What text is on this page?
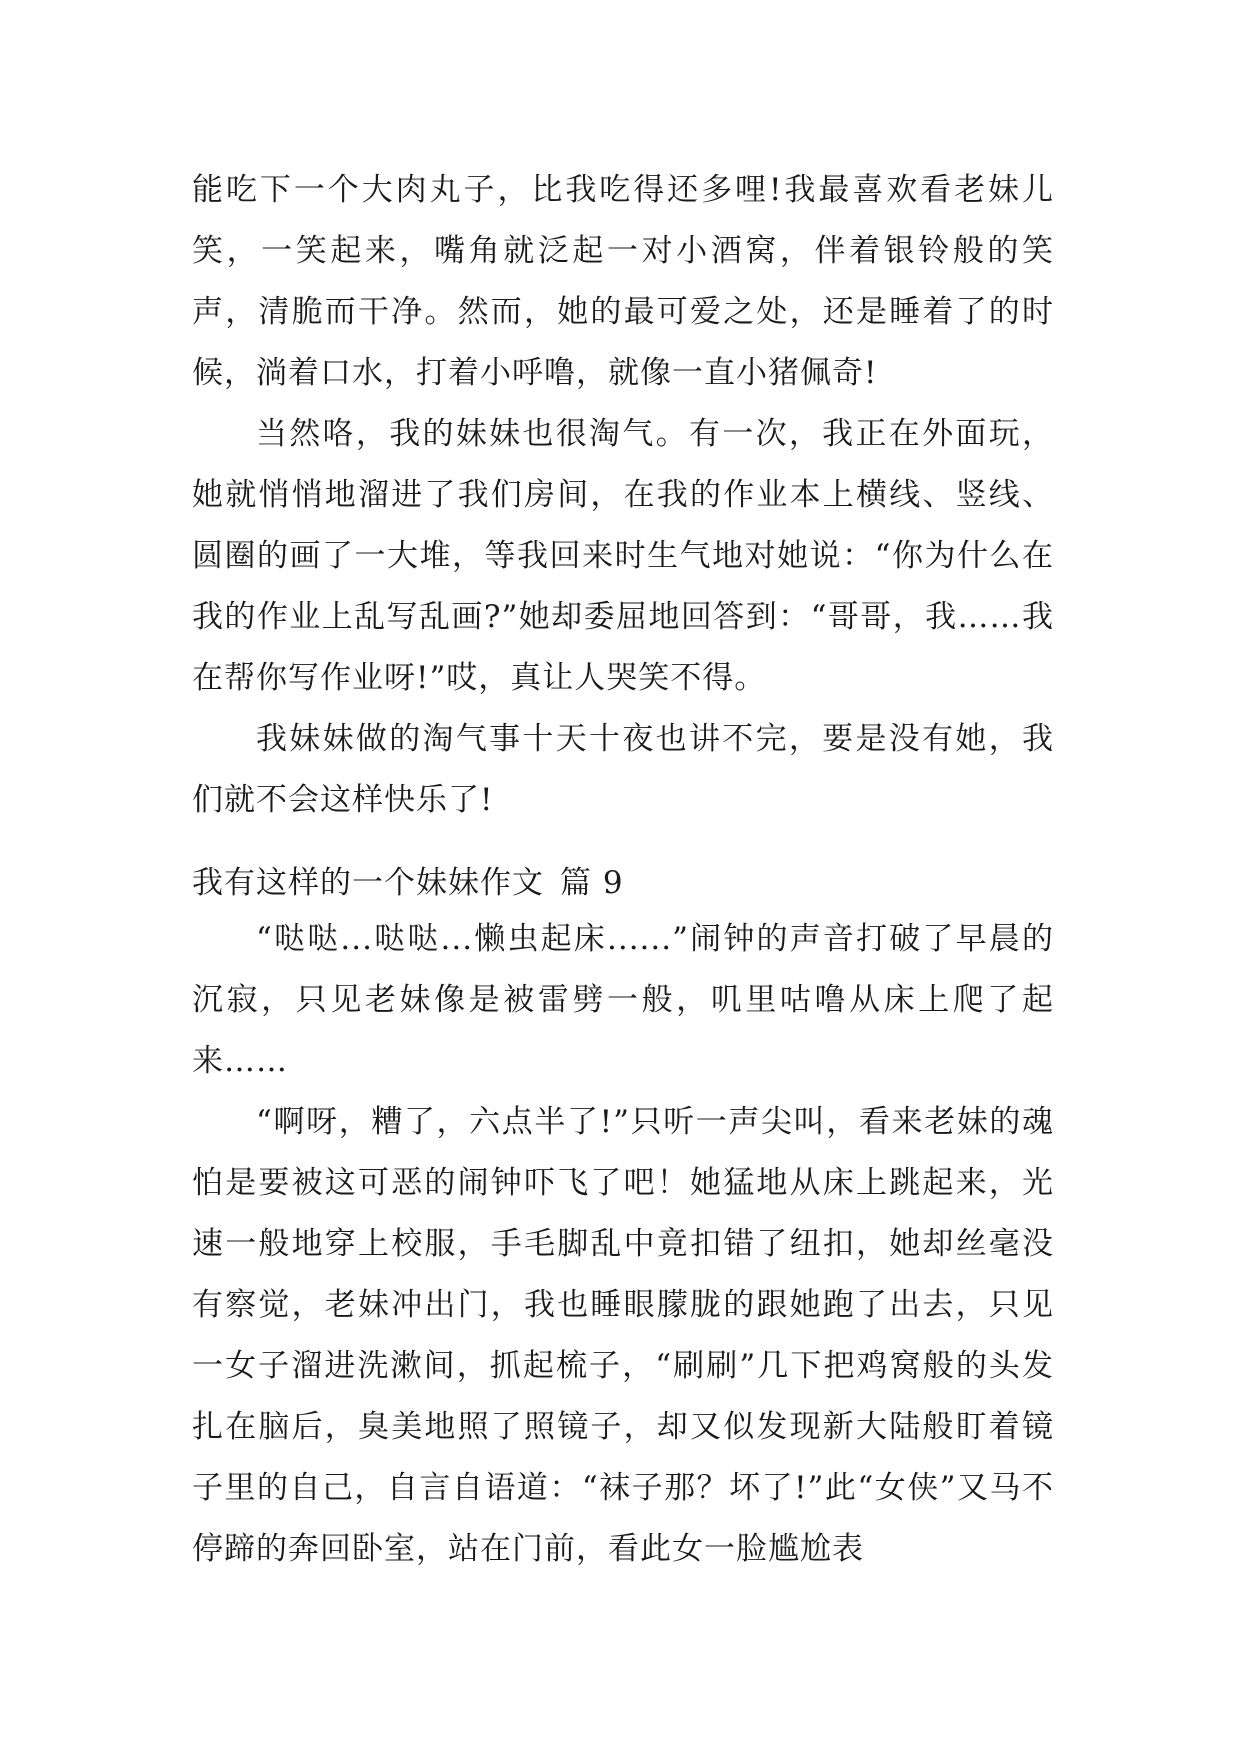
能吃下一个大肉丸子，比我吃得还多哩!我最喜欢看老妹儿笑，一笑起来，嘴角就泛起一对小酒窝，伴着银铃般的笑声，清脆而干净。然而，她的最可爱之处，还是睡着了的时候，淌着口水，打着小呼噜，就像一直小猪佩奇!

当然咯，我的妹妹也很淘气。有一次，我正在外面玩，她就悄悄地溜进了我们房间，在我的作业本上横线、竖线、圆圈的画了一大堆，等我回来时生气地对她说：“你为什么在我的作业上乱写乱画?”她却委屈地回答到：“哥哥，我……我在帮你写作业呀!”哎，真让人哭笑不得。

我妹妹做的淘气事十天十夜也讲不完，要是没有她，我们就不会这样快乐了!

我有这样的一个妹妹作文 篇 9

“哒哒...哒哒...懒虫起床......”闹钟的声音打破了早晨的沉寂，只见老妹像是被雷劈一般，叽里咕噜从床上爬了起来……

“啊呀，糟了，六点半了!”只听一声尖叫，看来老妹的魂怕是要被这可恶的闹钟吓飞了吧！她猛地从床上跳起来，光速一般地穿上校服，手毛脚乱中竟扣错了纽扣，她却丝毫没有察觉，老妹冲出门，我也睡眼朦胧的跟她跑了出去，只见一女子溜进洗漱间，抓起梳子，“刷刷”几下把鸡窝般的头发扎在脑后，臭美地照了照镜子，却又似发现新大陆般盯着镜子里的自己，自言自语道：“袜子那？坏了!”此“女侠”又马不停蹄的奔回卧室，站在门前，看此女一脸尴尬表
